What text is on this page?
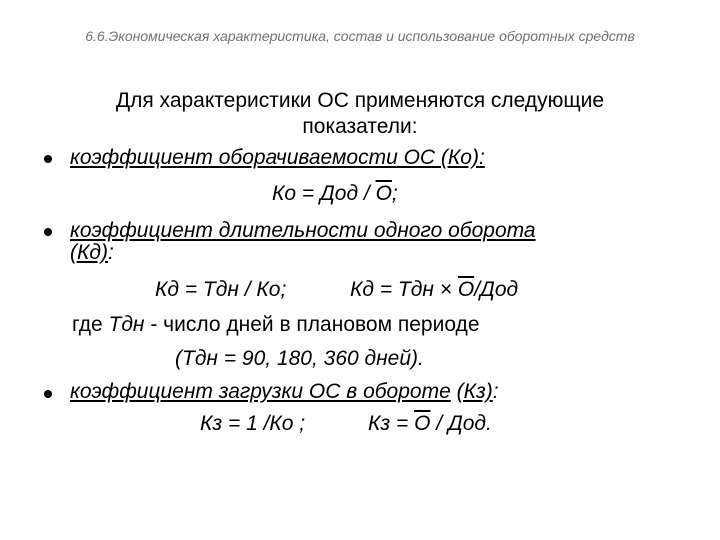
6.6.Экономическая характеристика, состав и использование оборотных средств
Для характеристики ОС применяются следующие
показатели:
коэффициент оборачиваемости ОС (Ко):
Ко = Дод / О;
коэффициент длительности одного оборота
(Кд):
Кд = Тдн / Ко;	Кд = Тдн × О/Дод
где Тдн - число дней в плановом периоде
(Тдн = 90, 180, 360 дней).
коэффициент загрузки ОС в обороте (Кз):
Кз = 1 /Ко ;	Кз = О / Дод.
